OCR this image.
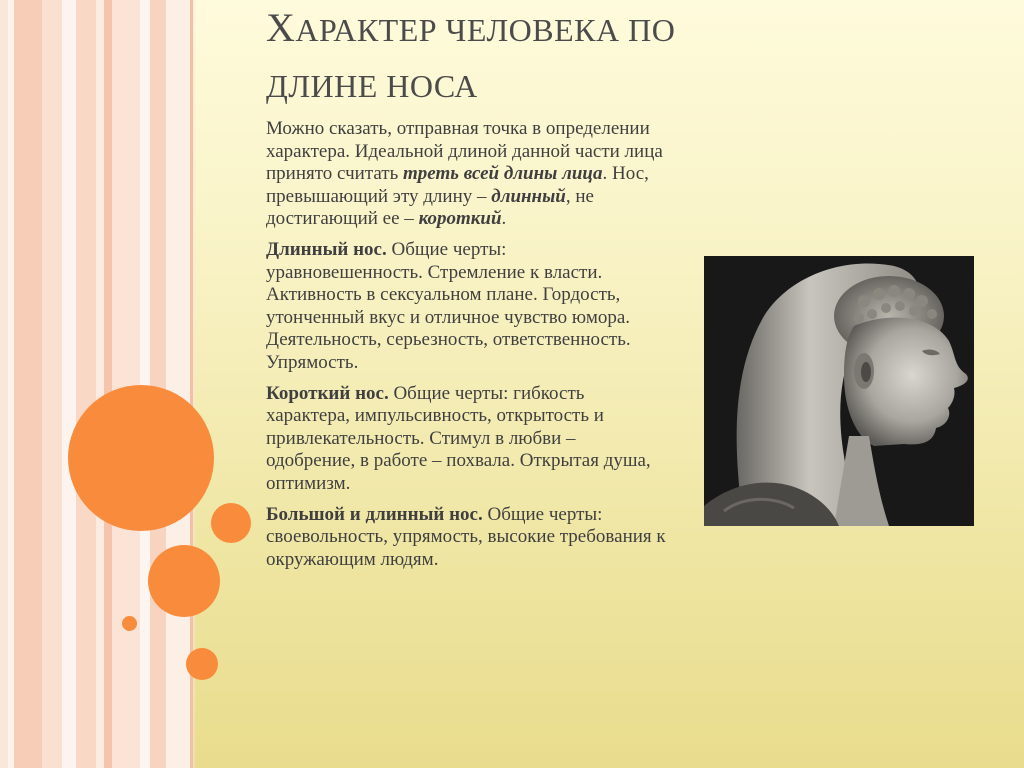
ХАРАКТЕР ЧЕЛОВЕКА ПО
ДЛИНЕ НОСА

Можно сказать, отправная точка в определении характера. Идеальной длиной данной части лица принято считать треть всей длины лица. Нос, превышающий эту длину – длинный, не достигающий ее – короткий.

Длинный нос. Общие черты: уравновешенность. Стремление к власти. Активность в сексуальном плане. Гордость, утонченный вкус и отличное чувство юмора. Деятельность, серьезность, ответственность. Упрямость.

Короткий нос. Общие черты: гибкость характера, импульсивность, открытость и привлекательность. Стимул в любви – одобрение, в работе – похвала. Открытая душа, оптимизм.

Большой и длинный нос. Общие черты: своевольность, упрямость, высокие требования к окружающим людям.
